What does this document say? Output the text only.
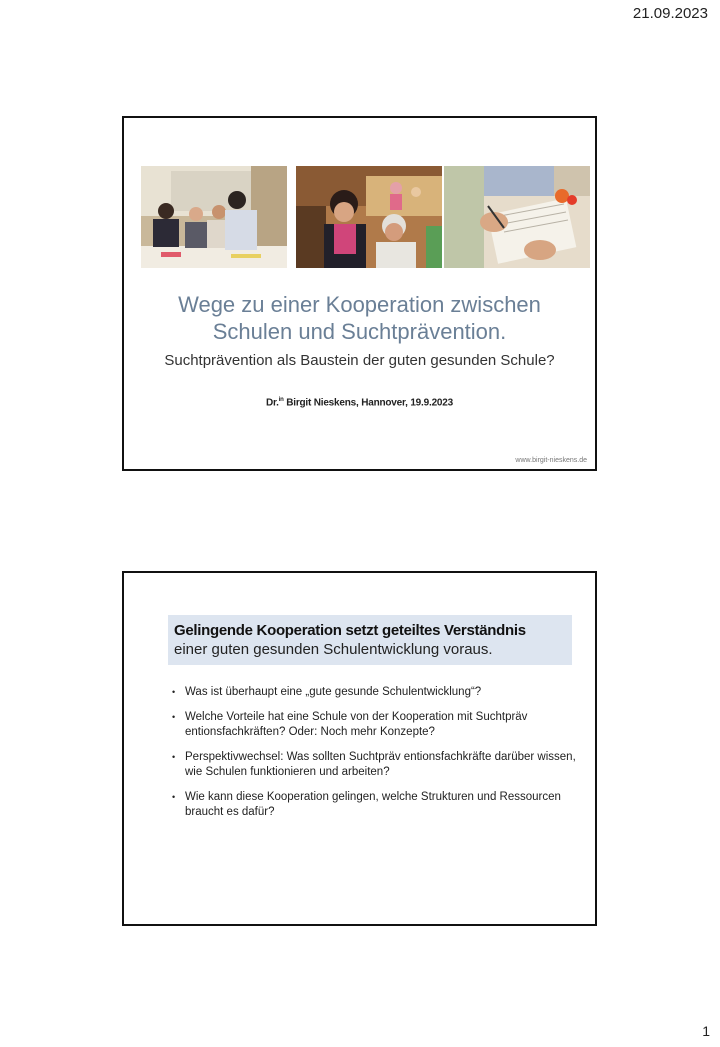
21.09.2023
Wege zu einer Kooperation zwischen
Schulen und Suchtprävention.
Suchtprävention als Baustein der guten gesunden Schule?
Dr.$^{in}$ Birgit Nieskens, Hannover, 19.9.2023
www.birgit-nieskens.de
Gelingende Kooperation setzt geteiltes Verständnis
einer guten gesunden Schulentwicklung voraus.
• Was ist überhaupt eine „gute gesunde Schulentwicklung“?
• Welche Vorteile hat eine Schule von der Kooperation mit Suchtpräv entionsfachkräften? Oder: Noch mehr Konzepte?
• Perspektivwechsel: Was sollten Suchtpräv entionsfachkräfte darüber wissen, wie Schulen funktionieren und arbeiten?
• Wie kann diese Kooperation gelingen, welche Strukturen und Ressourcen braucht es dafür?
1
